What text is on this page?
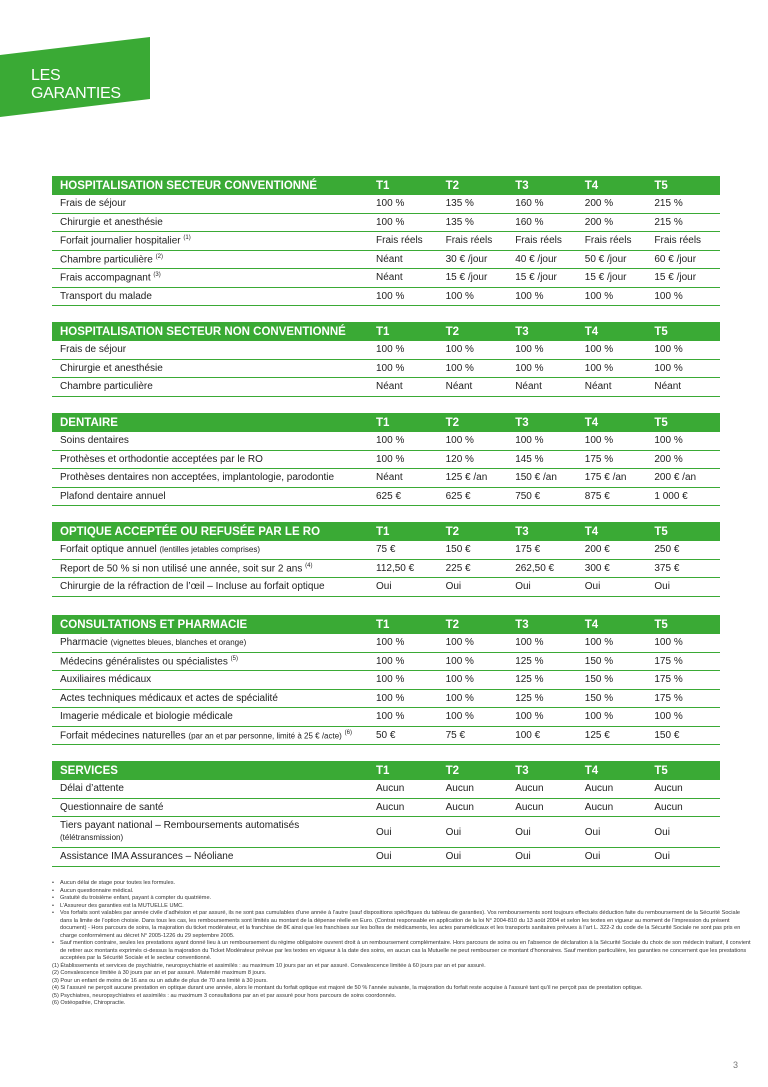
LES GARANTIES
HOSPITALISATION SECTEUR CONVENTIONNÉ	T1	T2	T3	T4	T5
Frais de séjour	100 %	135 %	160 %	200 %	215 %
Chirurgie et anesthésie	100 %	135 %	160 %	200 %	215 %
Forfait journalier hospitalier $^{(1)}$	Frais réels	Frais réels	Frais réels	Frais réels	Frais réels
Chambre particulière $^{(2)}$	Néant	30 € /jour	40 € /jour	50 € /jour	60 € /jour
Frais accompagnant $^{(3)}$	Néant	15 € /jour	15 € /jour	15 € /jour	15 € /jour
Transport du malade	100 %	100 %	100 %	100 %	100 %
HOSPITALISATION SECTEUR NON CONVENTIONNÉ	T1	T2	T3	T4	T5
Frais de séjour	100 %	100 %	100 %	100 %	100 %
Chirurgie et anesthésie	100 %	100 %	100 %	100 %	100 %
Chambre particulière	Néant	Néant	Néant	Néant	Néant
DENTAIRE	T1	T2	T3	T4	T5
Soins dentaires	100 %	100 %	100 %	100 %	100 %
Prothèses et orthodontie acceptées par le RO	100 %	120 %	145 %	175 %	200 %
Prothèses dentaires non acceptées, implantologie, parodontie	Néant	125 € /an	150 € /an	175 € /an	200 € /an
Plafond dentaire annuel	625 €	625 €	750 €	875 €	1 000 €
OPTIQUE ACCEPTÉE OU REFUSÉE PAR LE RO	T1	T2	T3	T4	T5
Forfait optique annuel (lentilles jetables comprises)	75 €	150 €	175 €	200 €	250 €
Report de 50 % si non utilisé une année, soit sur 2 ans $^{(4)}$	112,50 €	225 €	262,50 €	300 €	375 €
Chirurgie de la réfraction de l’œil – Incluse au forfait optique	Oui	Oui	Oui	Oui	Oui
CONSULTATIONS ET PHARMACIE	T1	T2	T3	T4	T5
Pharmacie (vignettes bleues, blanches et orange)	100 %	100 %	100 %	100 %	100 %
Médecins généralistes ou spécialistes $^{(5)}$	100 %	100 %	125 %	150 %	175 %
Auxiliaires médicaux	100 %	100 %	125 %	150 %	175 %
Actes techniques médicaux et actes de spécialité	100 %	100 %	125 %	150 %	175 %
Imagerie médicale et biologie médicale	100 %	100 %	100 %	100 %	100 %
Forfait médecines naturelles (par an et par personne, limité à 25 € /acte) $^{(6)}$	50 €	75 €	100 €	125 €	150 €
SERVICES	T1	T2	T3	T4	T5
Délai d’attente	Aucun	Aucun	Aucun	Aucun	Aucun
Questionnaire de santé	Aucun	Aucun	Aucun	Aucun	Aucun
Tiers payant national – Remboursements automatisés
(télétransmission)	Oui	Oui	Oui	Oui	Oui
Assistance IMA Assurances – Néoliane	Oui	Oui	Oui	Oui	Oui

• Aucun délai de stage pour toutes les formules.

• Aucun questionnaire médical.

• Gratuité du troisième enfant, payant à compter du quatrième.

• L’Assureur des garanties est la MUTUELLE UMC.

• Vos forfaits sont valables par année civile d’adhésion et par assuré, ils ne sont pas cumulables d’une année à l’autre (sauf dispositions spécifiques du tableau de garanties). Vos remboursements sont toujours effectués déduction faite du remboursement de la Sécurité Sociale dans la limite de l’option choisie. Dans tous les cas, les remboursements sont limités au montant de la dépense réelle en Euro. (Contrat responsable en application de la loi N° 2004-810 du 13 août 2004 et selon les textes en vigueur au moment de l’impression du présent document) - Hors parcours de soins, la majoration du ticket modérateur, et la franchise de 8€ ainsi que les franchises sur les boîtes de médicaments, les actes paramédicaux et les transports sanitaires prévues à l’art L. 322-2 du code de la Sécurité Sociale ne sont pas pris en charge conformément au décret N° 2005-1226 du 29 septembre 2005.

• Sauf mention contraire, seules les prestations ayant donné lieu à un remboursement du régime obligatoire ouvrent droit à un remboursement complémentaire. Hors parcours de soins ou en l’absence de déclaration à la Sécurité Sociale du choix de son médecin traitant, il convient de retirer aux montants exprimés ci-dessus la majoration du Ticket Modérateur prévue par les textes en vigueur à la date des soins, en aucun cas la Mutuelle ne peut rembourser ce montant d’honoraires. Sauf mention particulière, les garanties ne concernent que les prestations acceptées par la Sécurité Sociale et le secteur conventionné.

(1) Établissements et services de psychiatrie, neuropsychiatrie et assimilés : au maximum 10 jours par an et par assuré. Convalescence limitée à 60 jours par an et par assuré.

(2) Convalescence limitée à 30 jours par an et par assuré. Maternité maximum 8 jours.

(3) Pour un enfant de moins de 16 ans ou un adulte de plus de 70 ans limité à 30 jours.

(4) Si l’assuré ne perçoit aucune prestation en optique durant une année, alors le montant du forfait optique est majoré de 50 % l’année suivante, la majoration du forfait reste acquise à l’assuré tant qu’il ne perçoit pas de prestation optique.

(5) Psychiatres, neuropsychiatres et assimilés : au maximum 3 consultations par an et par assuré pour hors parcours de soins coordonnés.

(6) Ostéopathie, Chiropractie.

3
